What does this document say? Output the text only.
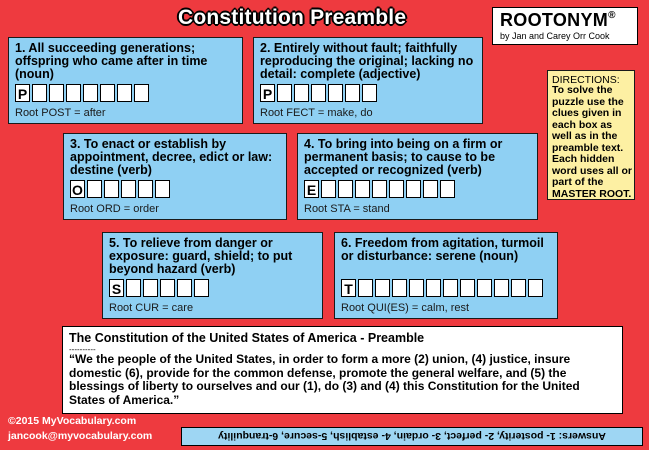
Constitution Preamble	ROOTONYM®
by Jan and Carey Orr Cook
1. All succeeding generations; offspring who came after in time (noun)
P
Root POST = after
2. Entirely without fault; faithfully reproducing the original; lacking no detail: complete (adjective)
P
Root FECT = make, do
3. To enact or establish by appointment, decree, edict or law: destine (verb)
O
Root ORD = order
4. To bring into being on a firm or permanent basis; to cause to be accepted or recognized (verb)
E
Root STA = stand
5. To relieve from danger or exposure: guard, shield; to put beyond hazard (verb)
S
Root CUR = care
6. Freedom from agitation, turmoil or disturbance: serene (noun)
T
Root QUI(ES) = calm, rest
DIRECTIONS:
To solve the puzzle use the clues given in each box as well as in the preamble text. Each hidden word uses all or part of the MASTER ROOT.
The Constitution of the United States of America - Preamble
----------
“We the people of the United States, in order to form a more (2) union, (4) justice, insure domestic (6), provide for the common defense, promote the general welfare, and (5) the blessings of liberty to ourselves and our (1), do (3) and (4) this Constitution for the United States of America.”
©2015 MyVocabulary.com
jancook@myvocabulary.com	Answers: 1- posterity, 2- perfect, 3- ordain, 4- establish, 5-secure, 6-tranquility
